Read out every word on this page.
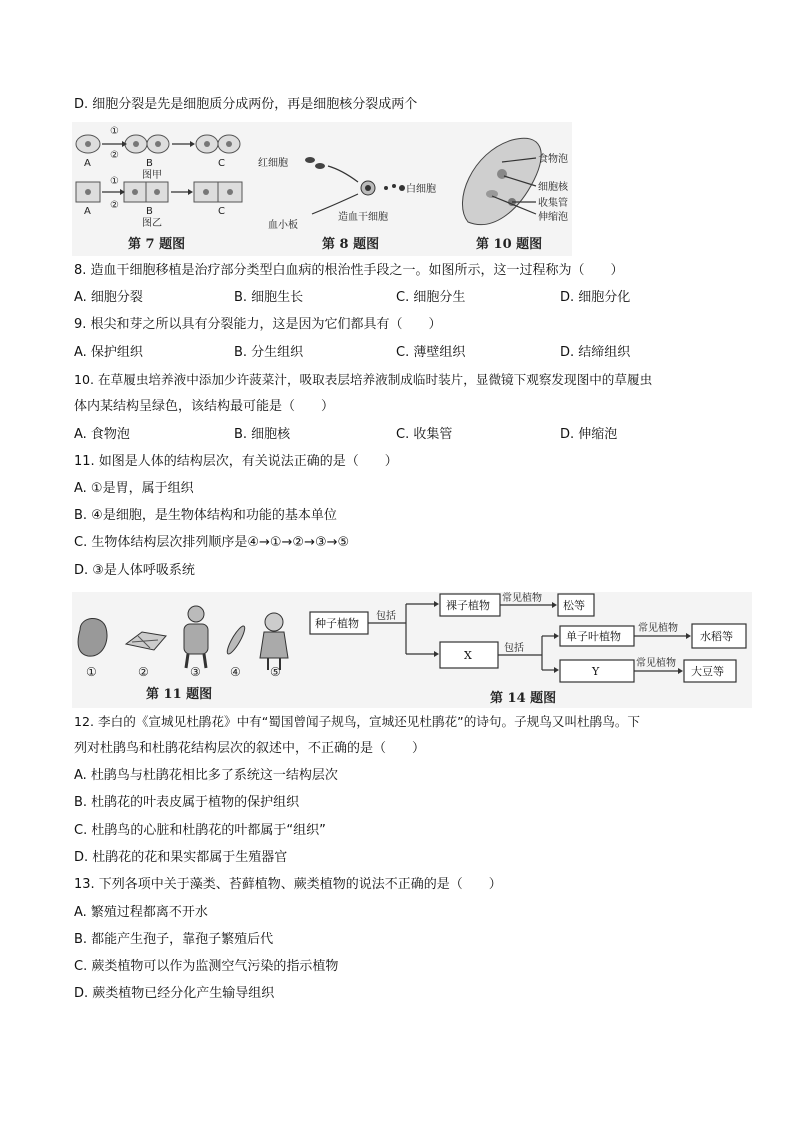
D. 细胞分裂是先是细胞质分成两份，再是细胞核分裂成两个
①
②
A	B	C
图甲
①
②
A	B	C
图乙
第 7 题图
红细胞
白细胞
造血干细胞
血小板
第 8 题图
食物泡
细胞核
收集管
伸缩泡
第 10 题图
8. 造血干细胞移植是治疗部分类型白血病的根治性手段之一。如图所示，这一过程称为（　　）
A. 细胞分裂	B. 细胞生长	C. 细胞分生	D. 细胞分化
9. 根尖和芽之所以具有分裂能力，这是因为它们都具有（　　）
A. 保护组织	B. 分生组织	C. 薄壁组织	D. 结缔组织
10. 在草履虫培养液中添加少许菠菜汁，吸取表层培养液制成临时装片，显微镜下观察发现图中的草履虫
体内某结构呈绿色，该结构最可能是（　　）
A. 食物泡	B. 细胞核	C. 收集管	D. 伸缩泡
11. 如图是人体的结构层次，有关说法正确的是（　　）
A. ①是胃，属于组织
B. ④是细胞，是生物体结构和功能的基本单位
C. 生物体结构层次排列顺序是④→①→②→③→⑤
D. ③是人体呼吸系统
①	②	③ ④ ⑤
第 11 题图
种子植物
包括
裸子植物
常见植物
松等
X
包括
单子叶植物
常见植物
水稻等
Y
常见植物
大豆等
第 14 题图
12. 李白的《宣城见杜鹃花》中有“蜀国曾闻子规鸟，宣城还见杜鹃花”的诗句。子规鸟又叫杜鹃鸟。下
列对杜鹃鸟和杜鹃花结构层次的叙述中，不正确的是（　　）
A. 杜鹃鸟与杜鹃花相比多了系统这一结构层次
B. 杜鹃花的叶表皮属于植物的保护组织
C. 杜鹃鸟的心脏和杜鹃花的叶都属于“组织”
D. 杜鹃花的花和果实都属于生殖器官
13. 下列各项中关于藻类、苔藓植物、蕨类植物的说法不正确的是（　　）
A. 繁殖过程都离不开水
B. 都能产生孢子，靠孢子繁殖后代
C. 蕨类植物可以作为监测空气污染的指示植物
D. 蕨类植物已经分化产生输导组织
